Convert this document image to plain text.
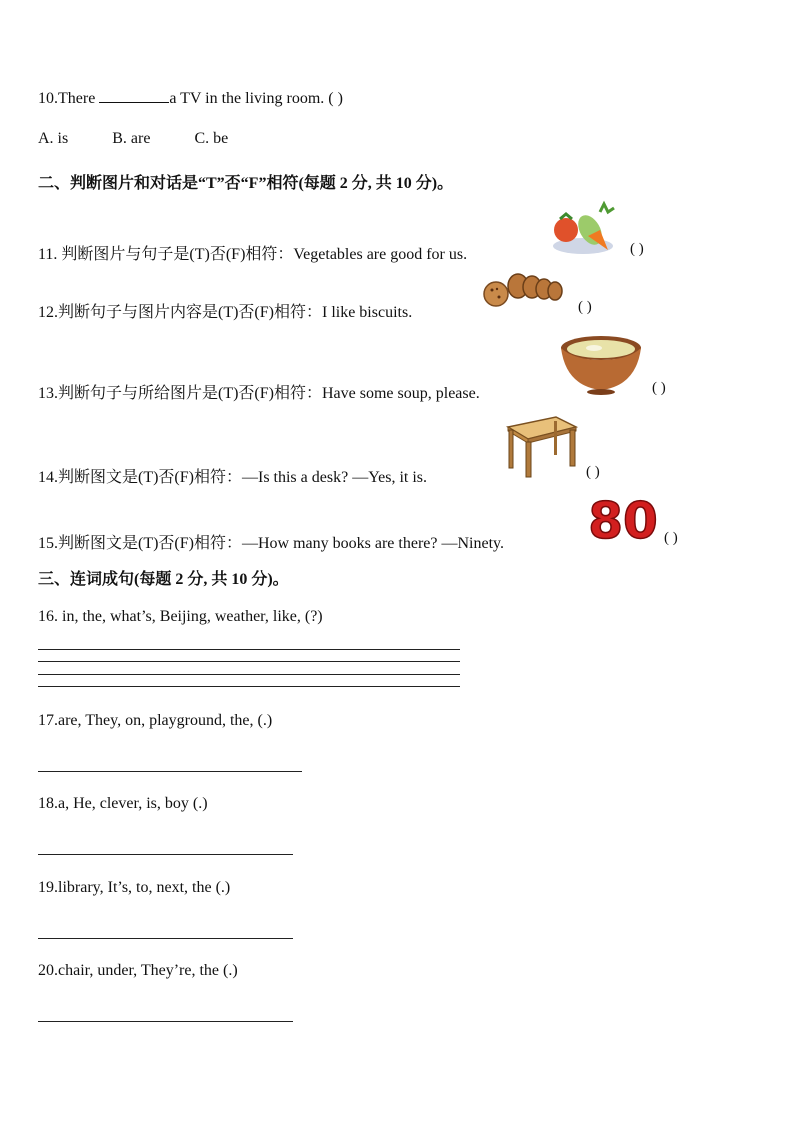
10.There	a TV in the living room. ( )
A. is	B. are	C. be
二、判断图片和对话是“T”否“F”相符(每题 2 分, 共 10 分)。
11. 判断图片与句子是(T)否(F)相符：Vegetables are good for us.	( )
12.判断句子与图片内容是(T)否(F)相符：I like biscuits.	( )
13.判断句子与所给图片是(T)否(F)相符：Have some soup, please.	( )
14.判断图文是(T)否(F)相符：—Is this a desk? —Yes, it is.	( )
15.判断图文是(T)否(F)相符：—How many books are there? —Ninety. 80 ( )
三、连词成句(每题 2 分, 共 10 分)。
16. in, the, what’s, Beijing, weather, like, (?)
17.are, They, on, playground, the, (.)
18.a, He, clever, is, boy (.)
19.library, It’s, to, next, the (.)
20.chair, under, They’re, the (.)
